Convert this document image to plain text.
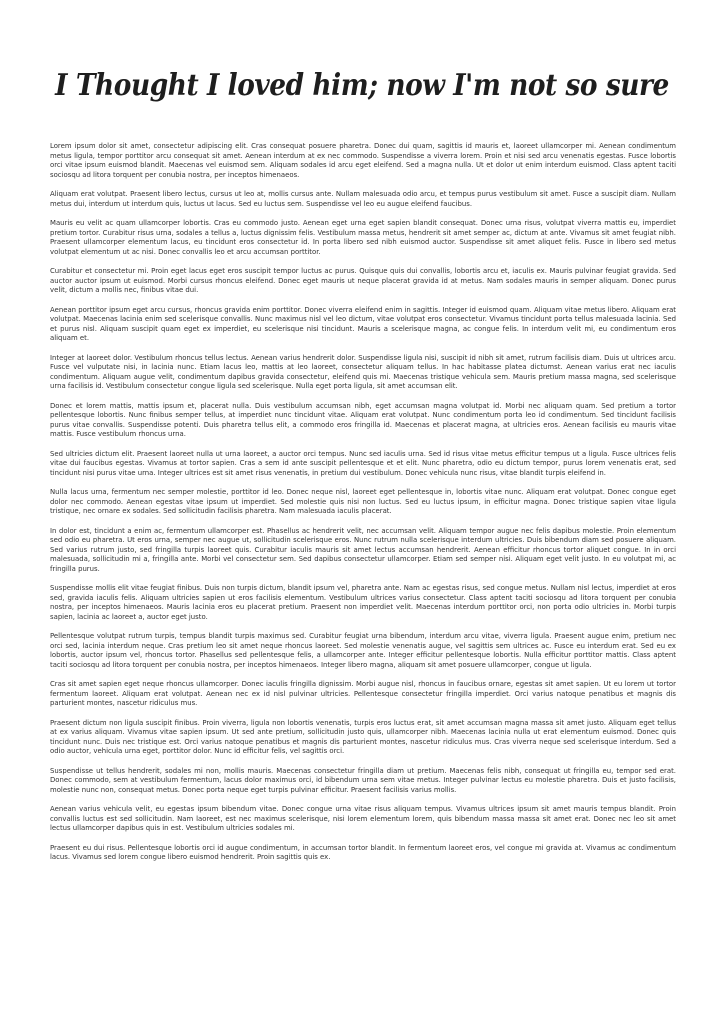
I Thought I loved him; now I'm not so sure

Lorem ipsum dolor sit amet, consectetur adipiscing elit. Cras consequat posuere pharetra. Donec dui quam, sagittis id mauris et, laoreet ullamcorper mi. Aenean condimentum metus ligula, tempor porttitor arcu consequat sit amet. Aenean interdum at ex nec commodo. Suspendisse a viverra lorem. Proin et nisi sed arcu venenatis egestas. Fusce lobortis orci vitae ipsum euismod blandit. Maecenas vel euismod sem. Aliquam sodales id arcu eget eleifend. Sed a magna nulla. Ut et dolor ut enim interdum euismod. Class aptent taciti sociosqu ad litora torquent per conubia nostra, per inceptos himenaeos.

Aliquam erat volutpat. Praesent libero lectus, cursus ut leo at, mollis cursus ante. Nullam malesuada odio arcu, et tempus purus vestibulum sit amet. Fusce a suscipit diam. Nullam metus dui, interdum ut interdum quis, luctus ut lacus. Sed eu luctus sem. Suspendisse vel leo eu augue eleifend faucibus.

Mauris eu velit ac quam ullamcorper lobortis. Cras eu commodo justo. Aenean eget urna eget sapien blandit consequat. Donec urna risus, volutpat viverra mattis eu, imperdiet pretium tortor. Curabitur risus urna, sodales a tellus a, luctus dignissim felis. Vestibulum massa metus, hendrerit sit amet semper ac, dictum at ante. Vivamus sit amet feugiat nibh. Praesent ullamcorper elementum lacus, eu tincidunt eros consectetur id. In porta libero sed nibh euismod auctor. Suspendisse sit amet aliquet felis. Fusce in libero sed metus volutpat elementum ut ac nisi. Donec convallis leo et arcu accumsan porttitor.

Curabitur et consectetur mi. Proin eget lacus eget eros suscipit tempor luctus ac purus. Quisque quis dui convallis, lobortis arcu et, iaculis ex. Mauris pulvinar feugiat gravida. Sed auctor auctor ipsum ut euismod. Morbi cursus rhoncus eleifend. Donec eget mauris ut neque placerat gravida id at metus. Nam sodales mauris in semper aliquam. Donec purus velit, dictum a mollis nec, finibus vitae dui.

Aenean porttitor ipsum eget arcu cursus, rhoncus gravida enim porttitor. Donec viverra eleifend enim in sagittis. Integer id euismod quam. Aliquam vitae metus libero. Aliquam erat volutpat. Maecenas lacinia enim sed scelerisque convallis. Nunc maximus nisl vel leo dictum, vitae volutpat eros consectetur. Vivamus tincidunt porta tellus malesuada lacinia. Sed et purus nisl. Aliquam suscipit quam eget ex imperdiet, eu scelerisque nisi tincidunt. Mauris a scelerisque magna, ac congue felis. In interdum velit mi, eu condimentum eros aliquam et.

Integer at laoreet dolor. Vestibulum rhoncus tellus lectus. Aenean varius hendrerit dolor. Suspendisse ligula nisi, suscipit id nibh sit amet, rutrum facilisis diam. Duis ut ultrices arcu. Fusce vel vulputate nisi, in lacinia nunc. Etiam lacus leo, mattis at leo laoreet, consectetur aliquam tellus. In hac habitasse platea dictumst. Aenean varius erat nec iaculis condimentum. Aliquam augue velit, condimentum dapibus gravida consectetur, eleifend quis mi. Maecenas tristique vehicula sem. Mauris pretium massa magna, sed scelerisque urna facilisis id. Vestibulum consectetur congue ligula sed scelerisque. Nulla eget porta ligula, sit amet accumsan elit.

Donec et lorem mattis, mattis ipsum et, placerat nulla. Duis vestibulum accumsan nibh, eget accumsan magna volutpat id. Morbi nec aliquam quam. Sed pretium a tortor pellentesque lobortis. Nunc finibus semper tellus, at imperdiet nunc tincidunt vitae. Aliquam erat volutpat. Nunc condimentum porta leo id condimentum. Sed tincidunt facilisis purus vitae convallis. Suspendisse potenti. Duis pharetra tellus elit, a commodo eros fringilla id. Maecenas et placerat magna, at ultricies eros. Aenean facilisis eu mauris vitae mattis. Fusce vestibulum rhoncus urna.

Sed ultricies dictum elit. Praesent laoreet nulla ut urna laoreet, a auctor orci tempus. Nunc sed iaculis urna. Sed id risus vitae metus efficitur tempus ut a ligula. Fusce ultrices felis vitae dui faucibus egestas. Vivamus at tortor sapien. Cras a sem id ante suscipit pellentesque et et elit. Nunc pharetra, odio eu dictum tempor, purus lorem venenatis erat, sed tincidunt nisi purus vitae urna. Integer ultrices est sit amet risus venenatis, in pretium dui vestibulum. Donec vehicula nunc risus, vitae blandit turpis eleifend in.

Nulla lacus urna, fermentum nec semper molestie, porttitor id leo. Donec neque nisl, laoreet eget pellentesque in, lobortis vitae nunc. Aliquam erat volutpat. Donec congue eget dolor nec commodo. Aenean egestas vitae ipsum ut imperdiet. Sed molestie quis nisi non luctus. Sed eu luctus ipsum, in efficitur magna. Donec tristique sapien vitae ligula tristique, nec ornare ex sodales. Sed sollicitudin facilisis pharetra. Nam malesuada iaculis placerat.

In dolor est, tincidunt a enim ac, fermentum ullamcorper est. Phasellus ac hendrerit velit, nec accumsan velit. Aliquam tempor augue nec felis dapibus molestie. Proin elementum sed odio eu pharetra. Ut eros urna, semper nec augue ut, sollicitudin scelerisque eros. Nunc rutrum nulla scelerisque interdum ultricies. Duis bibendum diam sed posuere aliquam. Sed varius rutrum justo, sed fringilla turpis laoreet quis. Curabitur iaculis mauris sit amet lectus accumsan hendrerit. Aenean efficitur rhoncus tortor aliquet congue. In in orci malesuada, sollicitudin mi a, fringilla ante. Morbi vel consectetur sem. Sed dapibus consectetur ullamcorper. Etiam sed semper nisi. Aliquam eget velit justo. In eu volutpat mi, ac fringilla purus.

Suspendisse mollis elit vitae feugiat finibus. Duis non turpis dictum, blandit ipsum vel, pharetra ante. Nam ac egestas risus, sed congue metus. Nullam nisl lectus, imperdiet at eros sed, gravida iaculis felis. Aliquam ultricies sapien ut eros facilisis elementum. Vestibulum ultrices varius consectetur. Class aptent taciti sociosqu ad litora torquent per conubia nostra, per inceptos himenaeos. Mauris lacinia eros eu placerat pretium. Praesent non imperdiet velit. Maecenas interdum porttitor orci, non porta odio ultricies in. Morbi turpis sapien, lacinia ac laoreet a, auctor eget justo.

Pellentesque volutpat rutrum turpis, tempus blandit turpis maximus sed. Curabitur feugiat urna bibendum, interdum arcu vitae, viverra ligula. Praesent augue enim, pretium nec orci sed, lacinia interdum neque. Cras pretium leo sit amet neque rhoncus laoreet. Sed molestie venenatis augue, vel sagittis sem ultrices ac. Fusce eu interdum erat. Sed eu ex lobortis, auctor ipsum vel, rhoncus tortor. Phasellus sed pellentesque felis, a ullamcorper ante. Integer efficitur pellentesque lobortis. Nulla efficitur porttitor mattis. Class aptent taciti sociosqu ad litora torquent per conubia nostra, per inceptos himenaeos. Integer libero magna, aliquam sit amet posuere ullamcorper, congue ut ligula.

Cras sit amet sapien eget neque rhoncus ullamcorper. Donec iaculis fringilla dignissim. Morbi augue nisl, rhoncus in faucibus ornare, egestas sit amet sapien. Ut eu lorem ut tortor fermentum laoreet. Aliquam erat volutpat. Aenean nec ex id nisl pulvinar ultricies. Pellentesque consectetur fringilla imperdiet. Orci varius natoque penatibus et magnis dis parturient montes, nascetur ridiculus mus.

Praesent dictum non ligula suscipit finibus. Proin viverra, ligula non lobortis venenatis, turpis eros luctus erat, sit amet accumsan magna massa sit amet justo. Aliquam eget tellus at ex varius aliquam. Vivamus vitae sapien ipsum. Ut sed ante pretium, sollicitudin justo quis, ullamcorper nibh. Maecenas lacinia nulla ut erat elementum euismod. Donec quis tincidunt nunc. Duis nec tristique est. Orci varius natoque penatibus et magnis dis parturient montes, nascetur ridiculus mus. Cras viverra neque sed scelerisque interdum. Sed a odio auctor, vehicula urna eget, porttitor dolor. Nunc id efficitur felis, vel sagittis orci.

Suspendisse ut tellus hendrerit, sodales mi non, mollis mauris. Maecenas consectetur fringilla diam ut pretium. Maecenas felis nibh, consequat ut fringilla eu, tempor sed erat. Donec commodo, sem at vestibulum fermentum, lacus dolor maximus orci, id bibendum urna sem vitae metus. Integer pulvinar lectus eu molestie pharetra. Duis et justo facilisis, molestie nunc non, consequat metus. Donec porta neque eget turpis pulvinar efficitur. Praesent facilisis varius mollis.

Aenean varius vehicula velit, eu egestas ipsum bibendum vitae. Donec congue urna vitae risus aliquam tempus. Vivamus ultrices ipsum sit amet mauris tempus blandit. Proin convallis luctus est sed sollicitudin. Nam laoreet, est nec maximus scelerisque, nisi lorem elementum lorem, quis bibendum massa massa sit amet erat. Donec nec leo sit amet lectus ullamcorper dapibus quis in est. Vestibulum ultricies sodales mi.

Praesent eu dui risus. Pellentesque lobortis orci id augue condimentum, in accumsan tortor blandit. In fermentum laoreet eros, vel congue mi gravida at. Vivamus ac condimentum lacus. Vivamus sed lorem congue libero euismod hendrerit. Proin sagittis quis ex.
